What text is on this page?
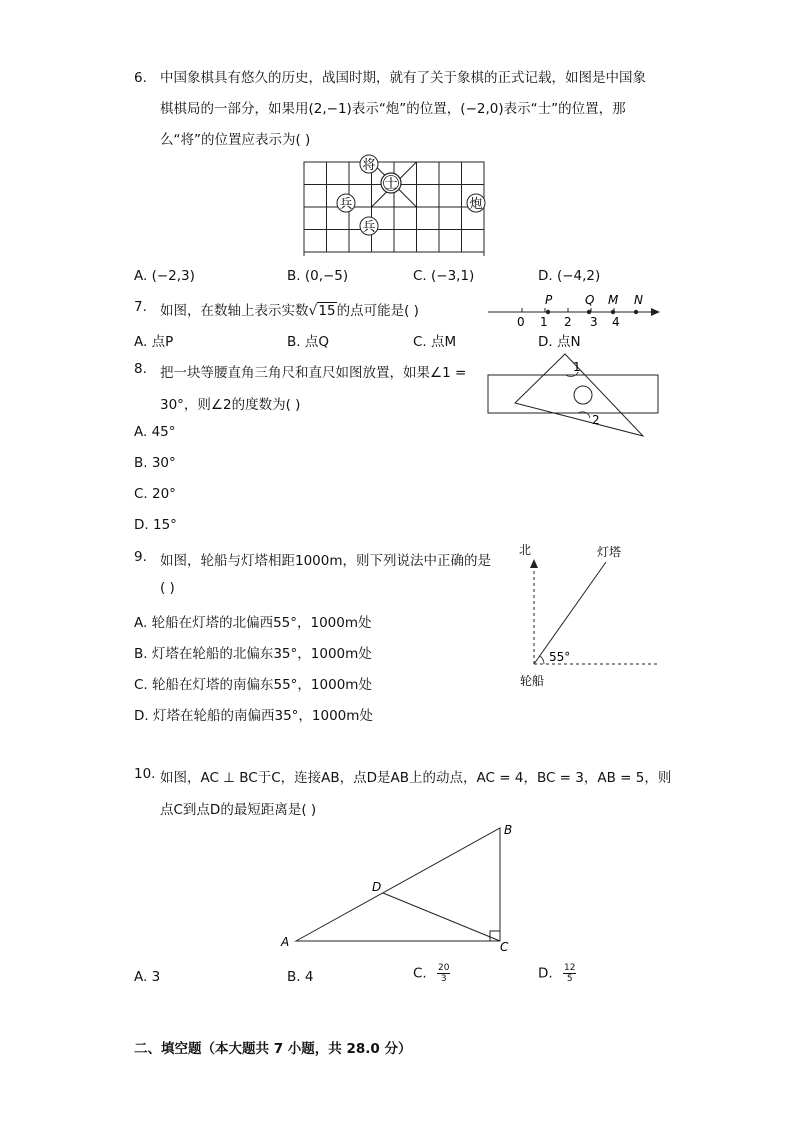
6. 中国象棋具有悠久的历史，战国时期，就有了关于象棋的正式记载，如图是中国象
棋棋局的一部分，如果用(2,−1)表示“炮”的位置，(−2,0)表示“士”的位置，那
么“将”的位置应表示为( )
将
士
兵
兵
炮
A. (−2,3)	B. (0,−5)	C. (−3,1)	D. (−4,2)
7. 如图，在数轴上表示实数√15的点可能是( )
0 1 2 3 4
P	Q M N
A. 点P	B. 点Q	C. 点M	D. 点N
8. 把一块等腰直角三角尺和直尺如图放置，如果∠1 =
30°，则∠2的度数为( )
1
2
A. 45°
B. 30°
C. 20°
D. 15°
9. 如图，轮船与灯塔相距1000m，则下列说法中正确的是
( )
北	灯塔
轮船
55°
A. 轮船在灯塔的北偏西55°，1000m处
B. 灯塔在轮船的北偏东35°，1000m处
C. 轮船在灯塔的南偏东55°，1000m处
D. 灯塔在轮船的南偏西35°，1000m处
10. 如图，AC ⊥ BC于C，连接AB，点D是AB上的动点，AC = 4，BC = 3，AB = 5，则
点C到点D的最短距离是( )
A
B
C
D
A. 3	B. 4	C. $\frac{20}{3}$	D. $\frac{12}{5}$
二、填空题（本大题共 7 小题，共 28.0 分）
